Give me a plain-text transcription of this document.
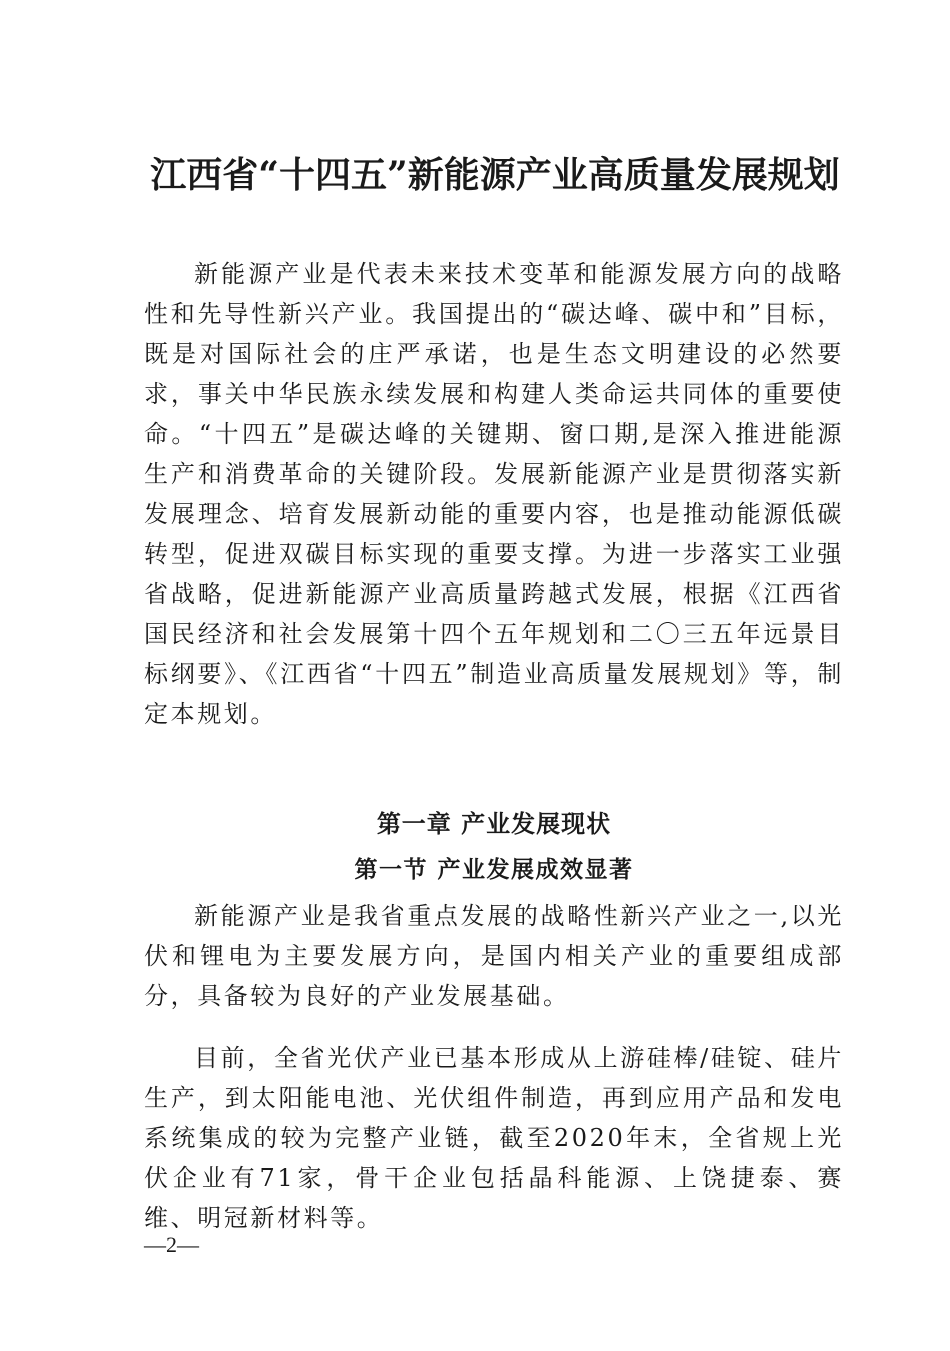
江西省“十四五”新能源产业高质量发展规划

新能源产业是代表未来技术变革和能源发展方向的战略性和先导性新兴产业。我国提出的“碳达峰、碳中和”目标，既是对国际社会的庄严承诺，也是生态文明建设的必然要求，事关中华民族永续发展和构建人类命运共同体的重要使命。“十四五”是碳达峰的关键期、窗口期,是深入推进能源生产和消费革命的关键阶段。发展新能源产业是贯彻落实新发展理念、培育发展新动能的重要内容，也是推动能源低碳转型，促进双碳目标实现的重要支撑。为进一步落实工业强省战略，促进新能源产业高质量跨越式发展，根据《江西省国民经济和社会发展第十四个五年规划和二〇三五年远景目标纲要》、《江西省“十四五”制造业高质量发展规划》等，制定本规划。

第一章 产业发展现状
第一节 产业发展成效显著

新能源产业是我省重点发展的战略性新兴产业之一,以光伏和锂电为主要发展方向，是国内相关产业的重要组成部分，具备较为良好的产业发展基础。

目前，全省光伏产业已基本形成从上游硅棒/硅锭、硅片生产，到太阳能电池、光伏组件制造，再到应用产品和发电系统集成的较为完整产业链，截至2020年末，全省规上光伏企业有71家，骨干企业包括晶科能源、上饶捷泰、赛维、明冠新材料等。

—2—
